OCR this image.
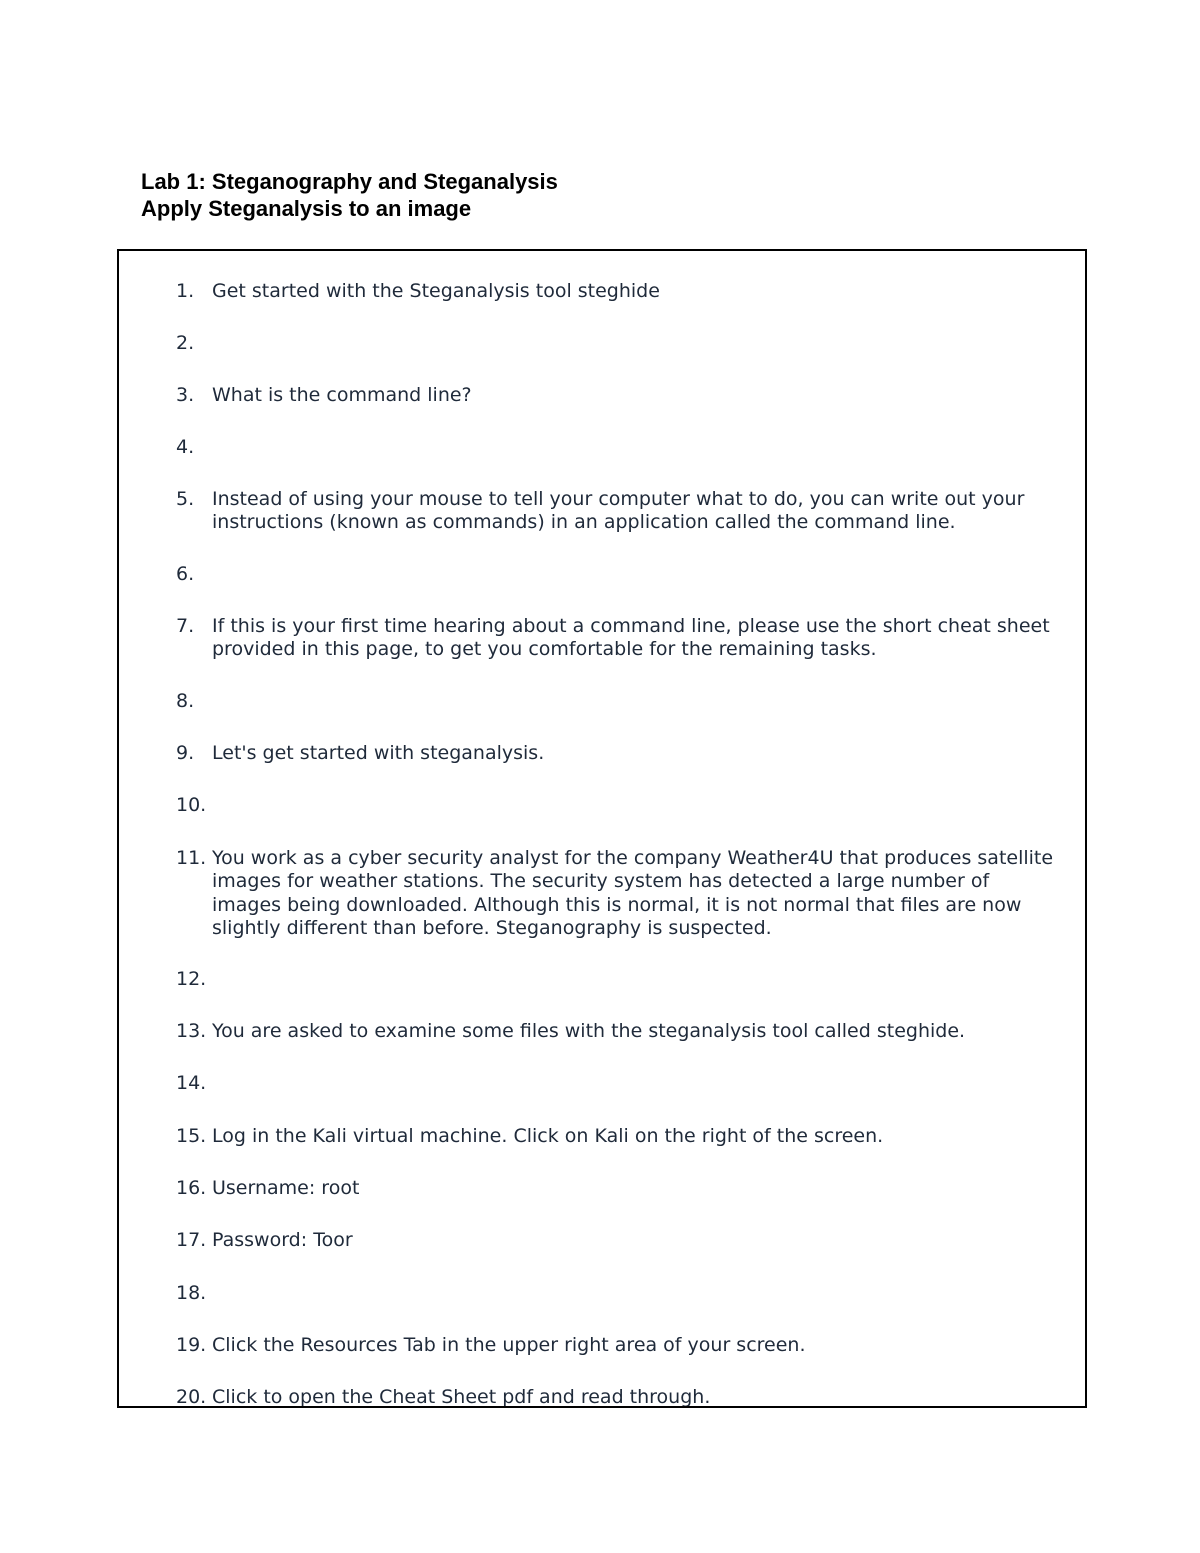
Lab 1: Steganography and Steganalysis
Apply Steganalysis to an image
1. Get started with the Steganalysis tool steghide
2.
3. What is the command line?
4.
5. Instead of using your mouse to tell your computer what to do, you can write out your instructions (known as commands) in an application called the command line.
6.
7. If this is your first time hearing about a command line, please use the short cheat sheet provided in this page, to get you comfortable for the remaining tasks.
8.
9. Let's get started with steganalysis.
10.
11. You work as a cyber security analyst for the company Weather4U that produces satellite images for weather stations. The security system has detected a large number of images being downloaded. Although this is normal, it is not normal that files are now slightly different than before. Steganography is suspected.
12.
13. You are asked to examine some files with the steganalysis tool called steghide.
14.
15. Log in the Kali virtual machine. Click on Kali on the right of the screen.
16. Username: root
17. Password: Toor
18.
19. Click the Resources Tab in the upper right area of your screen.
20. Click to open the Cheat Sheet pdf and read through.
